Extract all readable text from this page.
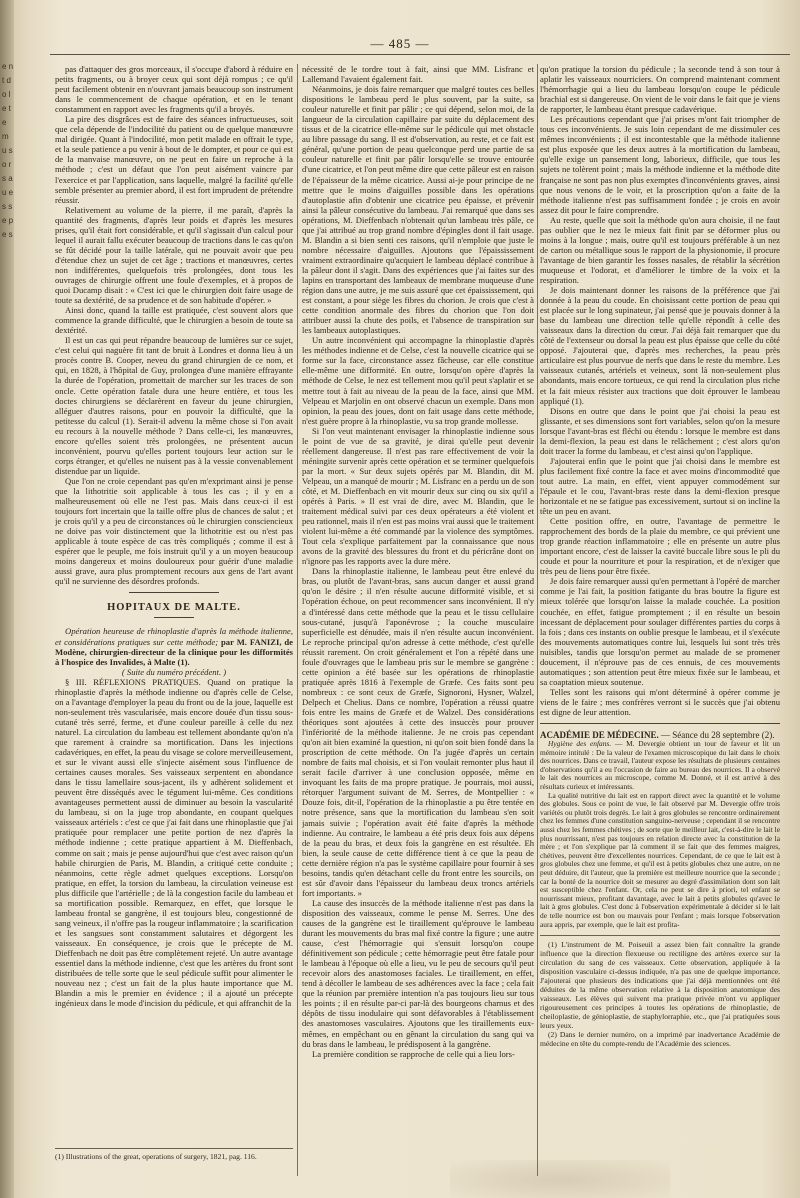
e n t d o l e t e m u s o r s a u e s s e p e s
— 485 —

pas d'attaquer des gros morceaux, il s'occupe d'abord à réduire en petits fragments, ou à broyer ceux qui sont déjà rompus ; ce qu'il peut facilement obtenir en n'ouvrant jamais beaucoup son instrument dans le commencement de chaque opération, et en le tenant constamment en rapport avec les fragments qu'il a broyés.

La pire des disgrâces est de faire des séances infructueuses, soit que cela dépende de l'indocilité du patient ou de quelque manœuvre mal dirigée. Quant à l'indocilité, mon petit malade en offrait le type, et la seule patience a pu venir à bout de le dompter, et pour ce qui est de la manvaise manœuvre, on ne peut en faire un reproche à la méthode ; c'est un défaut que l'on peut aisément vaincre par l'exercice et par l'application, sans laquelle, malgré la facilité qu'elle semble présenter au premier abord, il est fort imprudent de prétendre réussir.

Relativement au volume de la pierre, il me paraît, d'après la quantité des fragments, d'après leur poids et d'après les mesures prises, qu'il était fort considérable, et qu'il s'agissait d'un calcul pour lequel il aurait fallu exécuter beaucoup de tractions dans le cas qu'on se fût décidé pour la taille latérale, qui ne pouvait avoir que peu d'étendue chez un sujet de cet âge ; tractions et manœuvres, certes non indifférentes, quelquefois très prolongées, dont tous les ouvrages de chirurgie offrent une foule d'exemples, et à propos de quoi Ducamp disait : « C'est ici que le chirurgien doit faire usage de toute sa dextérité, de sa prudence et de son habitude d'opérer. »

Ainsi donc, quand la taille est pratiquée, c'est souvent alors que commence la grande difficulté, que le chirurgien a besoin de toute sa dextérité.

Il est un cas qui peut répandre beaucoup de lumières sur ce sujet, c'est celui qui naguère fit tant de bruit à Londres et donna lieu à un procès contre B. Cooper, neveu du grand chirurgien de ce nom, et qui, en 1828, à l'hôpital de Guy, prolongea d'une manière effrayante la durée de l'opération, promettait de marcher sur les traces de son oncle. Cette opération fatale dura une heure entière, et tous les doctes chirurgiens se déclarèrent en faveur du jeune chirurgien, alléguer d'autres raisons, pour en pouvoir la difficulté, que la petitesse du calcul (1). Serait-il advenu la même chose si l'on avait eu recours à la nouvelle méthode ? Dans celle-ci, les manœuvres, encore qu'elles soient très prolongées, ne présentent aucun inconvénient, pourvu qu'elles portent toujours leur action sur le corps étranger, et qu'elles ne nuisent pas à la vessie convenablement distendue par un liquide.

Que l'on ne croie cependant pas qu'en m'exprimant ainsi je pense que la lithotritie soit applicable à tous les cas ; il y en a malheureusement où elle ne l'est pas. Mais dans ceux-ci il est toujours fort incertain que la taille offre plus de chances de salut ; et je crois qu'il y a peu de circonstances où le chirurgien consciencieux ne doive pas voir distinctement que la lithotritie est ou n'est pas applicable à toute espèce de cas très compliqués ; comme il est à espérer que le peuple, me fois instruit qu'il y a un moyen beaucoup moins dangereux et moins douloureux pour guérir d'une maladie aussi grave, aura plus promptement recours aux gens de l'art avant qu'il ne survienne des désordres profonds.

HOPITAUX DE MALTE.

Opération heureuse de rhinoplastie d'après la méthode italienne, et considérations pratiques sur cette méthode; par M. FANIZI, de Modène, chirurgien-directeur de la clinique pour les difformités à l'hospice des Invalides, à Malte (1).

( Suite du numéro précédent. )

§ III. RÉFLEXIONS PRATIQUES. Quand on pratique la rhinoplastie d'après la méthode indienne ou d'après celle de Celse, on a l'avantage d'employer la peau du front ou de la joue, laquelle est non-seulement très vascularisée, mais encore douée d'un tissu sous-cutané très serré, ferme, et d'une couleur pareille à celle du nez naturel. La circulation du lambeau est tellement abondante qu'on n'a que rarement à craindre sa mortification. Dans les injections cadavériques, en effet, la peau du visage se colore merveilleusement, et sur le vivant aussi elle s'injecte aisément sous l'influence de certaines causes morales. Ses vaisseaux serpentent en abondance dans le tissu lamellaire sous-jacent, ils y adhèrent solidement et peuvent être disséqués avec le tégument lui-même. Ces conditions avantageuses permettent aussi de diminuer au besoin la vascularité du lambeau, si on la juge trop abondante, en coupant quelques vaisseaux artériels : c'est ce que j'ai fait dans une rhinoplastie que j'ai pratiquée pour remplacer une petite portion de nez d'après la méthode indienne ; cette pratique appartient à M. Dieffenbach, comme on sait ; mais je pense aujourd'hui que c'est avec raison qu'un habile chirurgien de Paris, M. Blandin, a critiqué cette conduite ; néanmoins, cette règle admet quelques exceptions. Lorsqu'on pratique, en effet, la torsion du lambeau, la circulation veineuse est plus difficile que l'artérielle ; de là la congestion facile du lambeau et sa mortification possible. Remarquez, en effet, que lorsque le lambeau frontal se gangrène, il est toujours bleu, congestionné de sang veineux, il n'offre pas la rougeur inflammatoire ; la scarification et les sangsues sont constamment salutaires et dégorgent les vaisseaux. En conséquence, je crois que le précepte de M. Dieffenbach ne doit pas être complètement rejeté. Un autre avantage essentiel dans la méthode indienne, c'est que les artères du front sont distribuées de telle sorte que le seul pédicule suffit pour alimenter le nouveau nez ; c'est un fait de la plus haute importance que M. Blandin a mis le premier en évidence ; il a ajouté un précepte ingénieux dans le mode d'incision du pédicule, et qui affranchit de la

(1) Illustrations of the great, operations of surgery, 1821, pag. 116.

nécessité de le tordre tout à fait, ainsi que MM. Lisfranc et Lallemand l'avaient également fait.

Néanmoins, je dois faire remarquer que malgré toutes ces belles dispositions le lambeau perd le plus souvent, par la suite, sa couleur naturelle et finit par pâlir ; ce qui dépend, selon moi, de la langueur de la circulation capillaire par suite du déplacement des tissus et de la cicatrice elle-même sur le pédicule qui met obstacle au libre passage du sang. Il est d'observation, au reste, et ce fait est général, qu'une portion de peau quelconque perd une partie de sa couleur naturelle et finit par pâlir lorsqu'elle se trouve entourée d'une cicatrice, et l'on peut même dire que cette pâleur est en raison de l'épaisseur de la même cicatrice. Aussi ai-je pour principe de ne mettre que le moins d'aiguilles possible dans les opérations d'autoplastie afin d'obtenir une cicatrice peu épaisse, et prévenir ainsi la pâleur consécutive du lambeau. J'ai remarqué que dans ses opérations, M. Dieffenbach n'obtenait qu'un lambeau très pâle, ce que j'ai attribué au trop grand nombre d'épingles dont il fait usage. M. Blandin a si bien senti ces raisons, qu'il n'emploie que juste le nombre nécessaire d'aiguilles. Ajoutons que l'épaississement vraiment extraordinaire qu'acquiert le lambeau déplacé contribue à la pâleur dont il s'agit. Dans des expériences que j'ai faites sur des lapins en transportant des lambeaux de membrane muqueuse d'une région dans une autre, je me suis assuré que cet épaississement, qui est constant, a pour siège les fibres du chorion. Je crois que c'est à cette condition anormale des fibres du chorion que l'on doit attribuer aussi la chute des poils, et l'absence de transpiration sur les lambeaux autoplastiques.

Un autre inconvénient qui accompagne la rhinoplastie d'après les méthodes indienne et de Celse, c'est la nouvelle cicatrice qui se forme sur la face, circonstance assez fâcheuse, car elle constitue elle-même une difformité. En outre, lorsqu'on opère d'après la méthode de Celse, le nez est tellement mou qu'il peut s'aplatir et se mettre tout à fait au niveau de la peau de la face, ainsi que MM. Velpeau et Marjolin en ont observé chacun un exemple. Dans mon opinion, la peau des joues, dont on fait usage dans cette méthode, n'est guère propre à la rhinoplastie, vu sa trop grande mollesse.

Si l'on veut maintenant envisager la rhinoplastie indienne sous le point de vue de sa gravité, je dirai qu'elle peut devenir réellement dangereuse. Il n'est pas rare effectivement de voir la méningite survenir après cette opération et se terminer quelquefois par la mort. « Sur deux sujets opérés par M. Blandin, dit M. Velpeau, un a manqué de mourir ; M. Lisfranc en a perdu un de son côté, et M. Dieffenbach en vit mourir deux sur cinq ou six qu'il a opérés à Paris. » Il est vrai de dire, avec M. Blandin, que le traitement médical suivi par ces deux opérateurs a été violent et peu rationnel, mais il n'en est pas moins vrai aussi que le traitement violent lui-même a été commandé par la violence des symptômes. Tout cela s'explique parfaitement par la connaissance que nous avons de la gravité des blessures du front et du péricrâne dont on n'ignore pas les rapports avec la dure mère.

Dans la rhinoplastie italienne, le lambeau peut être enlevé du bras, ou plutôt de l'avant-bras, sans aucun danger et aussi grand qu'on le désire ; il n'en résulte aucune difformité visible, et si l'opération échoue, on peut recommencer sans inconvénient. Il n'y a d'intéressé dans cette méthode que la peau et le tissu cellulaire sous-cutané, jusqu'à l'aponévrose ; la couche musculaire superficielle est dénudée, mais il n'en résulte aucun inconvénient. Le reproche principal qu'on adresse à cette méthode, c'est qu'elle réussit rarement. On croit généralement et l'on a répété dans une foule d'ouvrages que le lambeau pris sur le membre se gangrène : cette opinion a été basée sur les opérations de rhinoplastie pratiquée après 1816 à l'exemple de Græfe. Ces faits sont peu nombreux : ce sont ceux de Græfe, Signoroni, Hysner, Walzel, Delpech et Chelius. Dans ce nombre, l'opération a réussi quatre fois entre les mains de Græfe et de Walzel. Des considérations théoriques sont ajoutées à cette des insuccès pour prouver l'infériorité de la méthode italienne. Je ne crois pas cependant qu'on ait bien examiné la question, ni qu'on soit bien fondé dans la proscription de cette méthode. On l'a jugée d'après un certain nombre de faits mal choisis, et si l'on voulait remonter plus haut il serait facile d'arriver à une conclusion opposée, même en invoquant les faits de ma propre pratique. Je pourrais, moi aussi, rétorquer l'argument suivant de M. Serres, de Montpellier : « Douze fois, dit-il, l'opération de la rhinoplastie a pu être tentée en notre présence, sans que la mortification du lambeau s'en soit jamais suivie ; l'opération avait été faite d'après la méthode indienne. Au contraire, le lambeau a été pris deux fois aux dépens de la peau du bras, et deux fois la gangrène en est résultée. Eh bien, la seule cause de cette différence tient à ce que la peau de cette dernière région n'a pas le système capillaire pour fournir à ses besoins, tandis qu'en détachant celle du front entre les sourcils, on est sûr d'avoir dans l'épaisseur du lambeau deux troncs artériels fort importants. »

La cause des insuccès de la méthode italienne n'est pas dans la disposition des vaisseaux, comme le pense M. Serres. Une des causes de la gangrène est le tiraillement qu'éprouve le lambeau durant les mouvements du bras mal fixé contre la figure ; une autre cause, c'est l'hémorragie qui s'ensuit lorsqu'on coupe définitivement son pédicule ; cette hémorragie peut être fatale pour le lambeau à l'époque où elle a lieu, vu le peu de secours qu'il peut recevoir alors des anastomoses faciales. Le tiraillement, en effet, tend à décoller le lambeau de ses adhérences avec la face ; cela fait que la réunion par première intention n'a pas toujours lieu sur tous les points ; il en résulte par-ci par-là des bourgeons charnus et des dépôts de tissu inodulaire qui sont défavorables à l'établissement des anastomoses vasculaires. Ajoutons que les tiraillements eux-mêmes, en empêchant ou en gênant la circulation du sang qui va du bras dans le lambeau, le prédisposent à la gangrène.

La première condition se rapproche de celle qui a lieu lors-

qu'on pratique la torsion du pédicule ; la seconde tend à son tour à aplatir les vaisseaux nourriciers. On comprend maintenant comment l'hémorrhagie qui a lieu du lambeau lorsqu'on coupe le pédicule brachial est si dangereuse. On vient de le voir dans le fait que je viens de rapporter, le lambeau étant presque cadavérique.

Les précautions cependant que j'ai prises m'ont fait triompher de tous ces inconvénients. Je suis loin cependant de me dissimuler ces mêmes inconvénients ; il est incontestable que la méthode italienne est plus exposée que les deux autres à la mortification du lambeau, qu'elle exige un pansement long, laborieux, difficile, que tous les sujets ne tolèrent point ; mais la méthode indienne et la méthode dite française ne sont pas non plus exemptes d'inconvénients graves, ainsi que nous venons de le voir, et la proscription qu'on a faite de la méthode italienne n'est pas suffisamment fondée ; je crois en avoir assez dit pour le faire comprendre.

Au reste, quelle que soit la méthode qu'on aura choisie, il ne faut pas oublier que le nez le mieux fait finit par se déformer plus ou moins à la longue ; mais, outre qu'il est toujours préférable à un nez de carton ou métallique sous le rapport de la physionomie, il procure l'avantage de bien garantir les fosses nasales, de rétablir la sécrétion muqueuse et l'odorat, et d'améliorer le timbre de la voix et la respiration.

Je dois maintenant donner les raisons de la préférence que j'ai donnée à la peau du coude. En choisissant cette portion de peau qui est placée sur le long supinateur, j'ai pensé que je pouvais donner à la base du lambeau une direction telle qu'elle répondît à celle des vaisseaux dans la direction du cœur. J'ai déjà fait remarquer que du côté de l'extenseur ou dorsal la peau est plus épaisse que celle du côté opposé. J'ajouterai que, d'après mes recherches, la peau près articulaire est plus pourvue de nerfs que dans le reste du membre. Les vaisseaux cutanés, artériels et veineux, sont là non-seulement plus abondants, mais encore tortueux, ce qui rend la circulation plus riche et la fait mieux résister aux tractions que doit éprouver le lambeau appliqué (1).

Disons en outre que dans le point que j'ai choisi la peau est glissante, et ses dimensions sont fort variables, selon qu'on la mesure lorsque l'avant-bras est fléchi ou étendu : lorsque le membre est dans la demi-flexion, la peau est dans le relâchement ; c'est alors qu'on doit tracer la forme du lambeau, et c'est ainsi qu'on l'applique.

J'ajouterai enfin que le point que j'ai choisi dans le membre est plus facilement fixé contre la face et avec moins d'incommodité que tout autre. La main, en effet, vient appuyer commodément sur l'épaule et le cou, l'avant-bras reste dans la demi-flexion presque horizontale et ne se fatigue pas excessivement, surtout si on incline la tête un peu en avant.

Cette position offre, en outre, l'avantage de permettre le rapprochement des bords de la plaie du membre, ce qui prévient une trop grande réaction inflammatoire ; elle en présente un autre plus important encore, c'est de laisser la cavité buccale libre sous le pli du coude et pour la nourriture et pour la respiration, et de n'exiger que très peu de liens pour être fixée.

Je dois faire remarquer aussi qu'en permettant à l'opéré de marcher comme je l'ai fait, la position fatigante du bras boutre la figure est mieux tolérée que lorsqu'on laisse la malade couchée. La position couchée, en effet, fatigue promptement ; il en résulte un besoin incessant de déplacement pour soulager différentes parties du corps à la fois ; dans ces instants on oublie presque le lambeau, et il s'exécute des mouvements automatiques contre lui, lesquels lui sont très très nuisibles, tandis que lorsqu'on permet au malade de se promener doucement, il n'éprouve pas de ces ennuis, de ces mouvements automatiques ; son attention peut être mieux fixée sur le lambeau, et sa coaptation mieux soutenue.

Telles sont les raisons qui m'ont déterminé à opérer comme je viens de le faire ; mes confrères verront si le succès que j'ai obtenu est digne de leur attention.

ACADÉMIE DE MÉDECINE. — Séance du 28 septembre (2).

Hygiène des enfans. — M. Devergie obtient un tour de faveur et lit un mémoire intitulé : De la valeur de l'examen microscopique du lait dans le choix des nourrices. Dans ce travail, l'auteur expose les résultats de plusieurs centaines d'observations qu'il a eu l'occasion de faire au bureau des nourrices. Il a observé le lait des nourrices au microscope, comme M. Donné, et il est arrivé à des résultats curieux et intéressants.

La qualité nutritive du lait est en rapport direct avec la quantité et le volume des globules. Sous ce point de vue, le fait observé par M. Devergie offre trois variétés ou plutôt trois degrés. Le lait à gros globules se rencontre ordinairement chez les femmes d'une constitution sanguino-nerveuse ; cependant il se rencontre aussi chez les femmes chétives ; de sorte que le meilleur lait, c'est-à-dire le lait le plus nourrissant, n'est pas toujours en relation directe avec la constitution de la mère ; et l'on s'explique par là comment il se fait que des femmes maigres, chétives, peuvent être d'excellentes nourrices. Cependant, de ce que le lait est à gros globules chez une femme, et qu'il est à petits globules chez une autre, on ne peut déduire, dit l'auteur, que la première est meilleure nourrice que la seconde ; car la bonté de la nourrice doit se mesurer au degré d'assimilation dont son lait est susceptible chez l'enfant. Or, cela ne peut se dire à priori, tel enfant se nourrissant mieux, profitant davantage, avec le lait à petits globules qu'avec le lait à gros globules. C'est donc à l'observation expérimentale à décider si le lait de telle nourrice est bon ou mauvais pour l'enfant ; mais lorsque l'observation aura appris, par exemple, que le lait est profita-

(1) L'instrument de M. Poiseuil a assez bien fait connaître la grande influence que la direction flexueuse ou rectiligne des artères exerce sur la circulation du sang de ces vaisseaux. Cette observation, appliquée à la disposition vasculaire ci-dessus indiquée, n'a pas une de quelque importance. J'ajouterai que plusieurs des indications que j'ai déjà mentionnées ont été déduites de la même observation relative à la disposition anatomique des vaisseaux. Les élèves qui suivent ma pratique privée m'ont vu appliquer rigoureusement ces principes à toutes les opérations de rhinoplastie, de cheiloplastie, de génioplastie, de staphylorraphie, etc., que j'ai pratiquées sous leurs yeux.

(2) Dans le dernier numéro, on a imprimé par inadvertance Académie de médecine en tête du compte-rendu de l'Académie des sciences.
